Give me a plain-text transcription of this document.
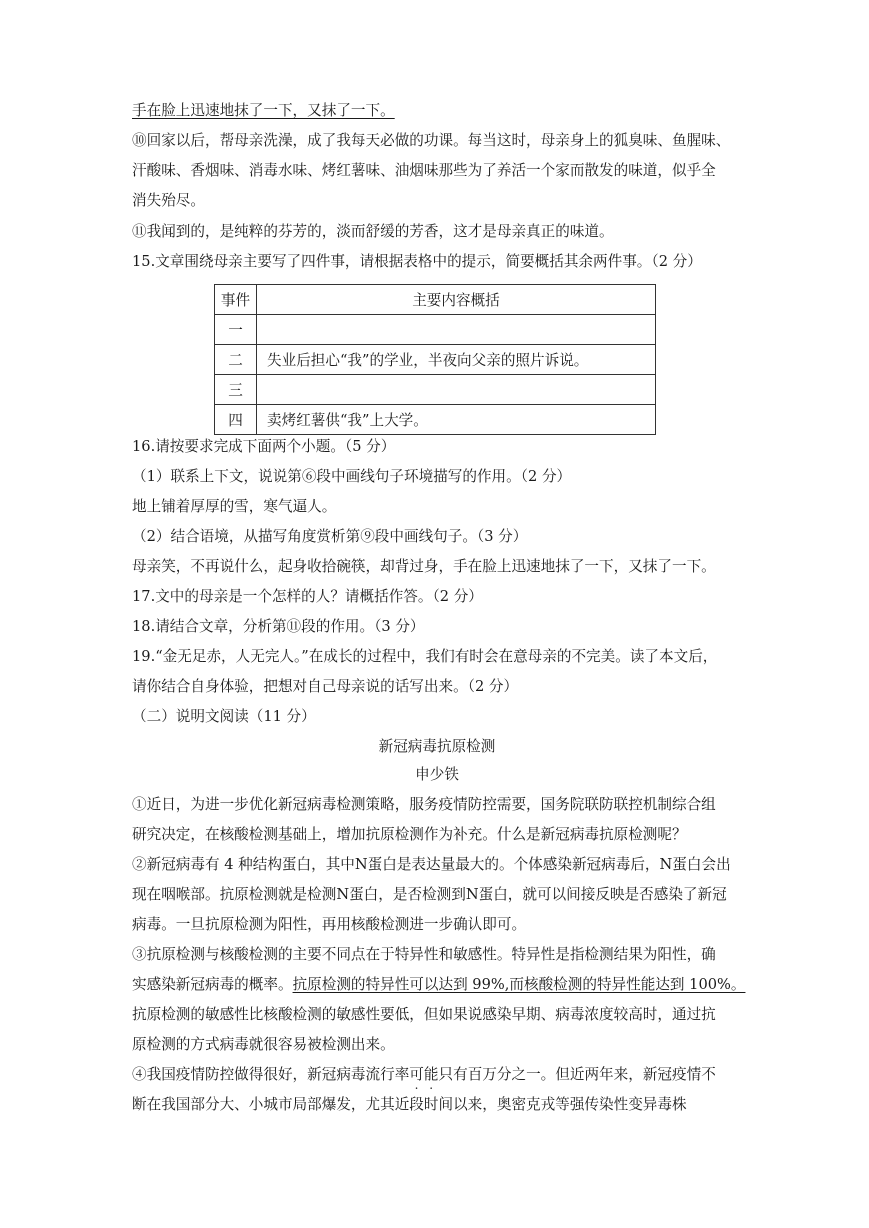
手在脸上迅速地抹了一下，又抹了一下。
⑩回家以后，帮母亲洗澡，成了我每天必做的功课。每当这时，母亲身上的狐臭味、鱼腥味、
汗酸味、香烟味、消毒水味、烤红薯味、油烟味那些为了养活一个家而散发的味道，似乎全
消失殆尽。
⑪我闻到的，是纯粹的芬芳的，淡而舒缓的芳香，这才是母亲真正的味道。
15.文章围绕母亲主要写了四件事，请根据表格中的提示，简要概括其余两件事。（2 分）
事件	主要内容概括
一	
二	失业后担心“我”的学业，半夜向父亲的照片诉说。
三	
四	卖烤红薯供“我”上大学。
16.请按要求完成下面两个小题。（5 分）
（1）联系上下文，说说第⑥段中画线句子环境描写的作用。（2 分）
地上铺着厚厚的雪，寒气逼人。
（2）结合语境，从描写角度赏析第⑨段中画线句子。（3 分）
母亲笑，不再说什么，起身收拾碗筷，却背过身，手在脸上迅速地抹了一下，又抹了一下。
17.文中的母亲是一个怎样的人？请概括作答。（2 分）
18.请结合文章，分析第⑪段的作用。（3 分）
19.“金无足赤，人无完人。”在成长的过程中，我们有时会在意母亲的不完美。读了本文后，
请你结合自身体验，把想对自己母亲说的话写出来。（2 分）
（二）说明文阅读（11 分）
新冠病毒抗原检测
申少铁
①近日，为进一步优化新冠病毒检测策略，服务疫情防控需要，国务院联防联控机制综合组
研究决定，在核酸检测基础上，增加抗原检测作为补充。什么是新冠病毒抗原检测呢？
②新冠病毒有 4 种结构蛋白，其中N蛋白是表达量最大的。个体感染新冠病毒后，N蛋白会出
现在咽喉部。抗原检测就是检测N蛋白，是否检测到N蛋白，就可以间接反映是否感染了新冠
病毒。一旦抗原检测为阳性，再用核酸检测进一步确认即可。
③抗原检测与核酸检测的主要不同点在于特异性和敏感性。特异性是指检测结果为阳性，确
实感染新冠病毒的概率。抗原检测的特异性可以达到 99%,而核酸检测的特异性能达到 100%。
抗原检测的敏感性比核酸检测的敏感性要低，但如果说感染早期、病毒浓度较高时，通过抗
原检测的方式病毒就很容易被检测出来。
④我国疫情防控做得很好，新冠病毒流行率可能只有百万分之一。但近两年来，新冠疫情不
断在我国部分大、小城市局部爆发，尤其近段时间以来，奥密克戎等强传染性变异毒株
